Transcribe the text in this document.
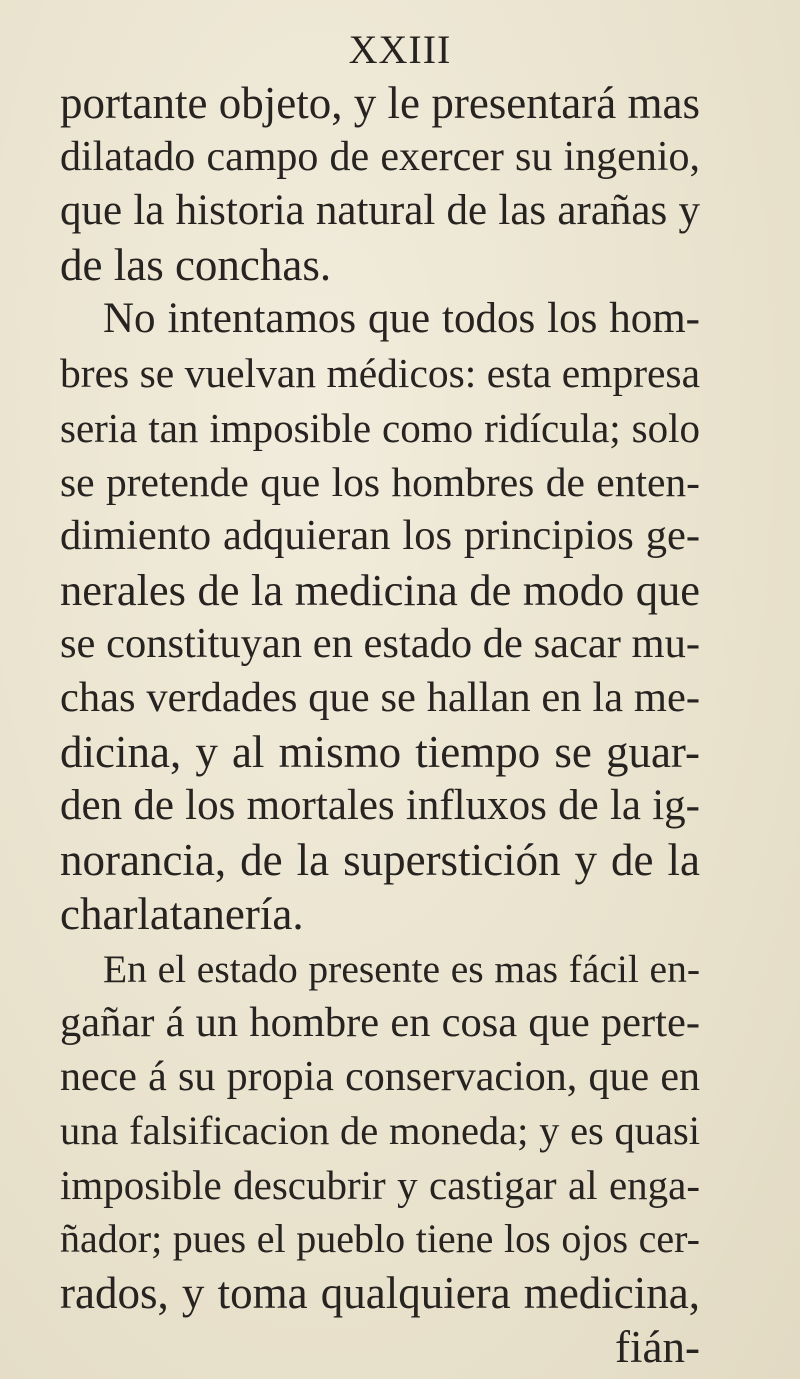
XXIII
portante objeto, y le presentará mas
dilatado campo de exercer su ingenio,
que la historia natural de las arañas y
de las conchas.
No intentamos que todos los hom-
bres se vuelvan médicos: esta empresa
seria tan imposible como ridícula; solo
se pretende que los hombres de enten-
dimiento adquieran los principios ge-
nerales de la medicina de modo que
se constituyan en estado de sacar mu-
chas verdades que se hallan en la me-
dicina, y al mismo tiempo se guar-
den de los mortales influxos de la ig-
norancia, de la superstición y de la
charlatanería.
En el estado presente es mas fácil en-
gañar á un hombre en cosa que perte-
nece á su propia conservacion, que en
una falsificacion de moneda; y es quasi
imposible descubrir y castigar al enga-
ñador; pues el pueblo tiene los ojos cer-
rados, y toma qualquiera medicina,
fián-
